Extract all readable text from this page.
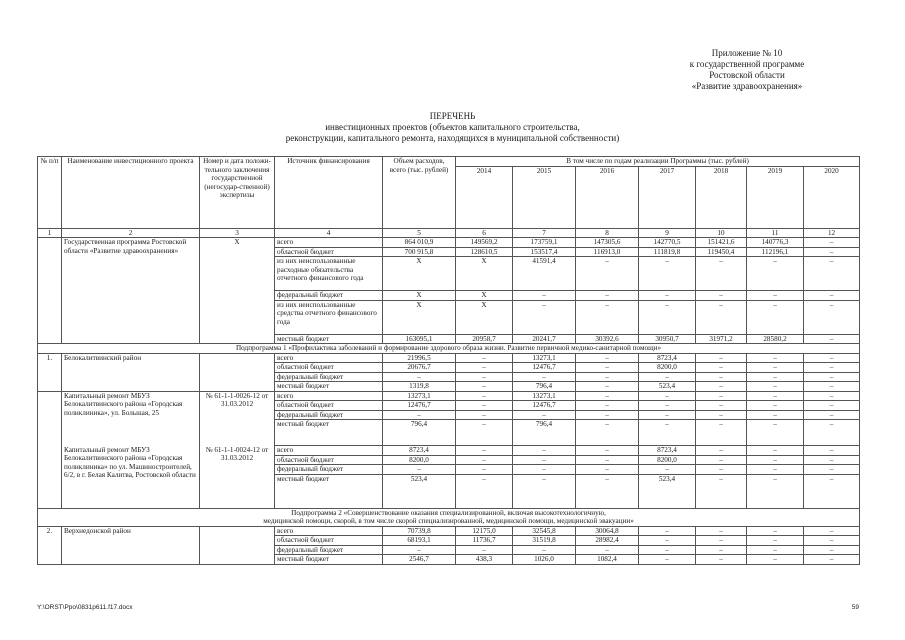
Приложение № 10
к государственной программе
Ростовской области
«Развитие здравоохранения»
ПЕРЕЧЕНЬ
инвестиционных проектов (объектов капитального строительства,
реконструкции, капитального ремонта, находящихся в муниципальной собственности)
№ п/п	Наименование инвестиционного проекта	Номер и дата положи-тельного заключения государственной (негосудар-ственной) экспертизы	Источник финансирования	Объем расходов, всего (тыс. рублей)	В том числе по годам реализации Программы (тыс. рублей)						
					2014	2015	2016	2017	2018	2019	2020
1	2	3	4	5	6	7	8	9	10	11	12
	Государственная программа Ростовской области «Развитие здравоохранения»	Х	всего	864 010,9	149569,2	173759,1	147305,6	142770,5	151421,6	140776,3	–
			областной бюджет	700 915,8	128610,5	153517,4	116913,0	111819,8	119450,4	112196,1	–
			из них неиспользованные расходные обязательства отчетного финансового года	Х	Х	41591,4	–	–	–	–	–
			федеральный бюджет	Х	Х	–	–	–	–	–	–
			из них неиспользованные средства отчетного финансового года	Х	Х	–	–	–	–	–	–
			местный бюджет	163095,1	20958,7	20241,7	30392,6	30950,7	31971,2	28580,2	–
Подпрограмма 1 «Профилактика заболеваний и формирование здорового образа жизни. Развитие первичной медико-санитарной помощи»											
1.	Белокалитвинский район		всего	21996,5	–	13273,1	–	8723,4	–	–	–
			областной бюджет	20676,7	–	12476,7	–	8200,0	–	–	–
			федеральный бюджет	–	–	–	–	–	–	–	–
			местный бюджет	1319,8	–	796,4	–	523,4	–	–	–
	Капитальный ремонт МБУЗ Белокалитвинского района «Городская поликлиника», ул. Большая, 25	№ 61-1-1-0026-12 от 31.03.2012	всего	13273,1	–	13273,1	–	–	–	–	–
			областной бюджет	12476,7	–	12476,7	–	–	–	–	–
			федеральный бюджет	–	–	–	–	–	–	–	–
			местный бюджет	796,4	–	796,4	–	–	–	–	–
	Капитальный ремонт МБУЗ Белокалитвинского района «Городская поликлиника» по ул. Машиностроителей, 6/2, в г. Белая Калитва, Ростовской области	№ 61-1-1-0024-12 от 31.03.2012	всего	8723,4	–	–	–	8723,4	–	–	–
			областной бюджет	8200,0	–	–	–	8200,0	–	–	–
			федеральный бюджет	–	–	–	–	–	–	–	–
			местный бюджет	523,4	–	–	–	523,4	–	–	–

Подпрограмма 2 «Совершенствование оказания специализированной, включая высокотехнологичную,
медицинской помощи, скорой, в том числе скорой специализированной, медицинской помощи, медицинской эвакуации»											

2.	Верхнедонской район		всего	70739,8	12175,0	32545,8	30064,8	–	–	–	–
			областной бюджет	68193,1	11736,7	31519,8	28982,4	–	–	–	–
			федеральный бюджет	–	–	–	–	–	–	–	–
			местный бюджет	2546,7	438,3	1026,0	1082,4	–	–	–	–
Y:\ORST\Ppo\0831p611.f17.docx	59
